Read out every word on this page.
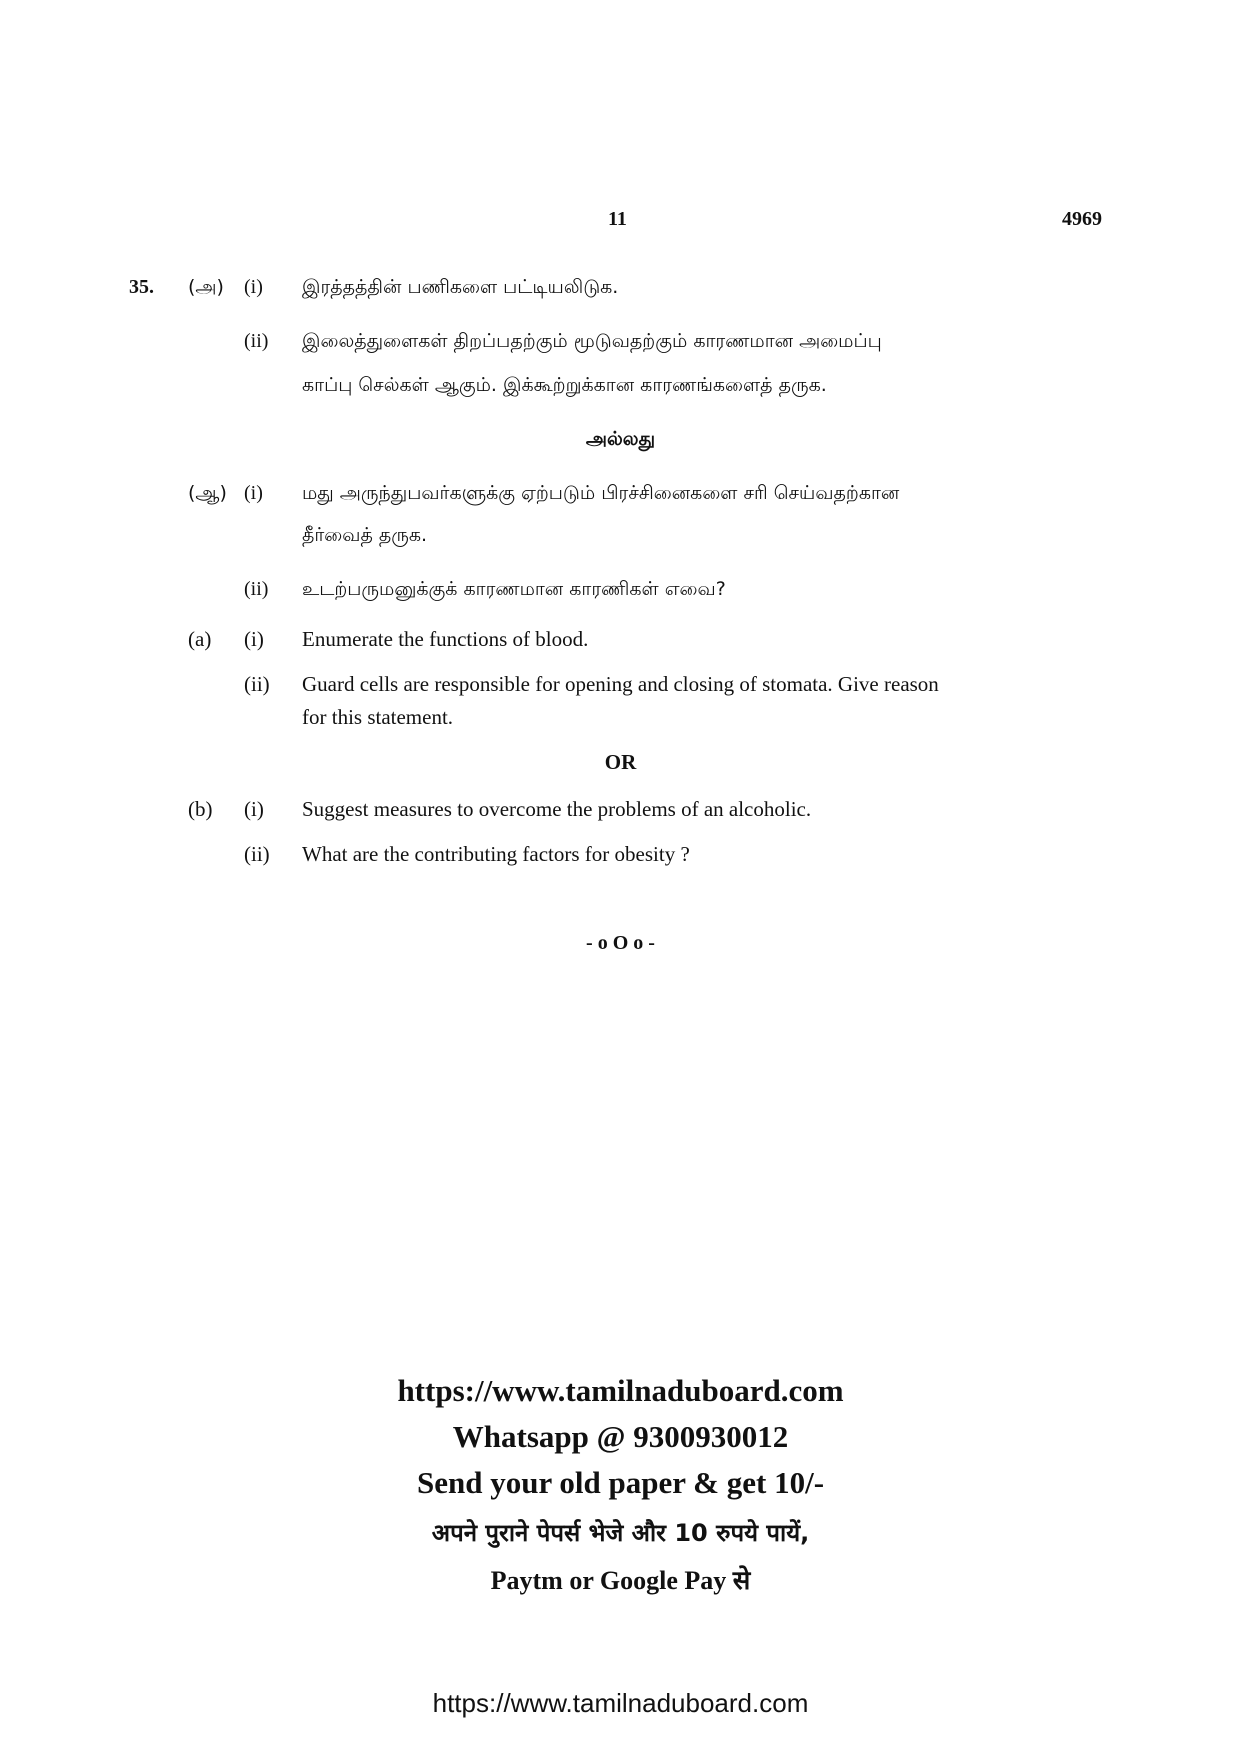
11	4969
35. (அ) (i) இரத்தத்தின் பணிகளை பட்டியலிடுக.
(ii) இலைத்துளைகள் திறப்பதற்கும் மூடுவதற்கும் காரணமான அமைப்பு
காப்பு செல்கள் ஆகும். இக்கூற்றுக்கான காரணங்களைத் தருக.
அல்லது
(ஆ) (i) மது அருந்துபவர்களுக்கு ஏற்படும் பிரச்சினைகளை சரி செய்வதற்கான
தீர்வைத் தருக.
(ii) உடற்பருமனுக்குக் காரணமான காரணிகள் எவை?
(a) (i) Enumerate the functions of blood.
(ii) Guard cells are responsible for opening and closing of stomata. Give reason
for this statement.
OR
(b) (i) Suggest measures to overcome the problems of an alcoholic.
(ii) What are the contributing factors for obesity ?
- o O o -
https://www.tamilnaduboard.com
Whatsapp @ 9300930012
Send your old paper & get 10/-
अपने पुराने पेपर्स भेजे और 10 रुपये पायें,
Paytm or Google Pay से
https://www.tamilnaduboard.com
